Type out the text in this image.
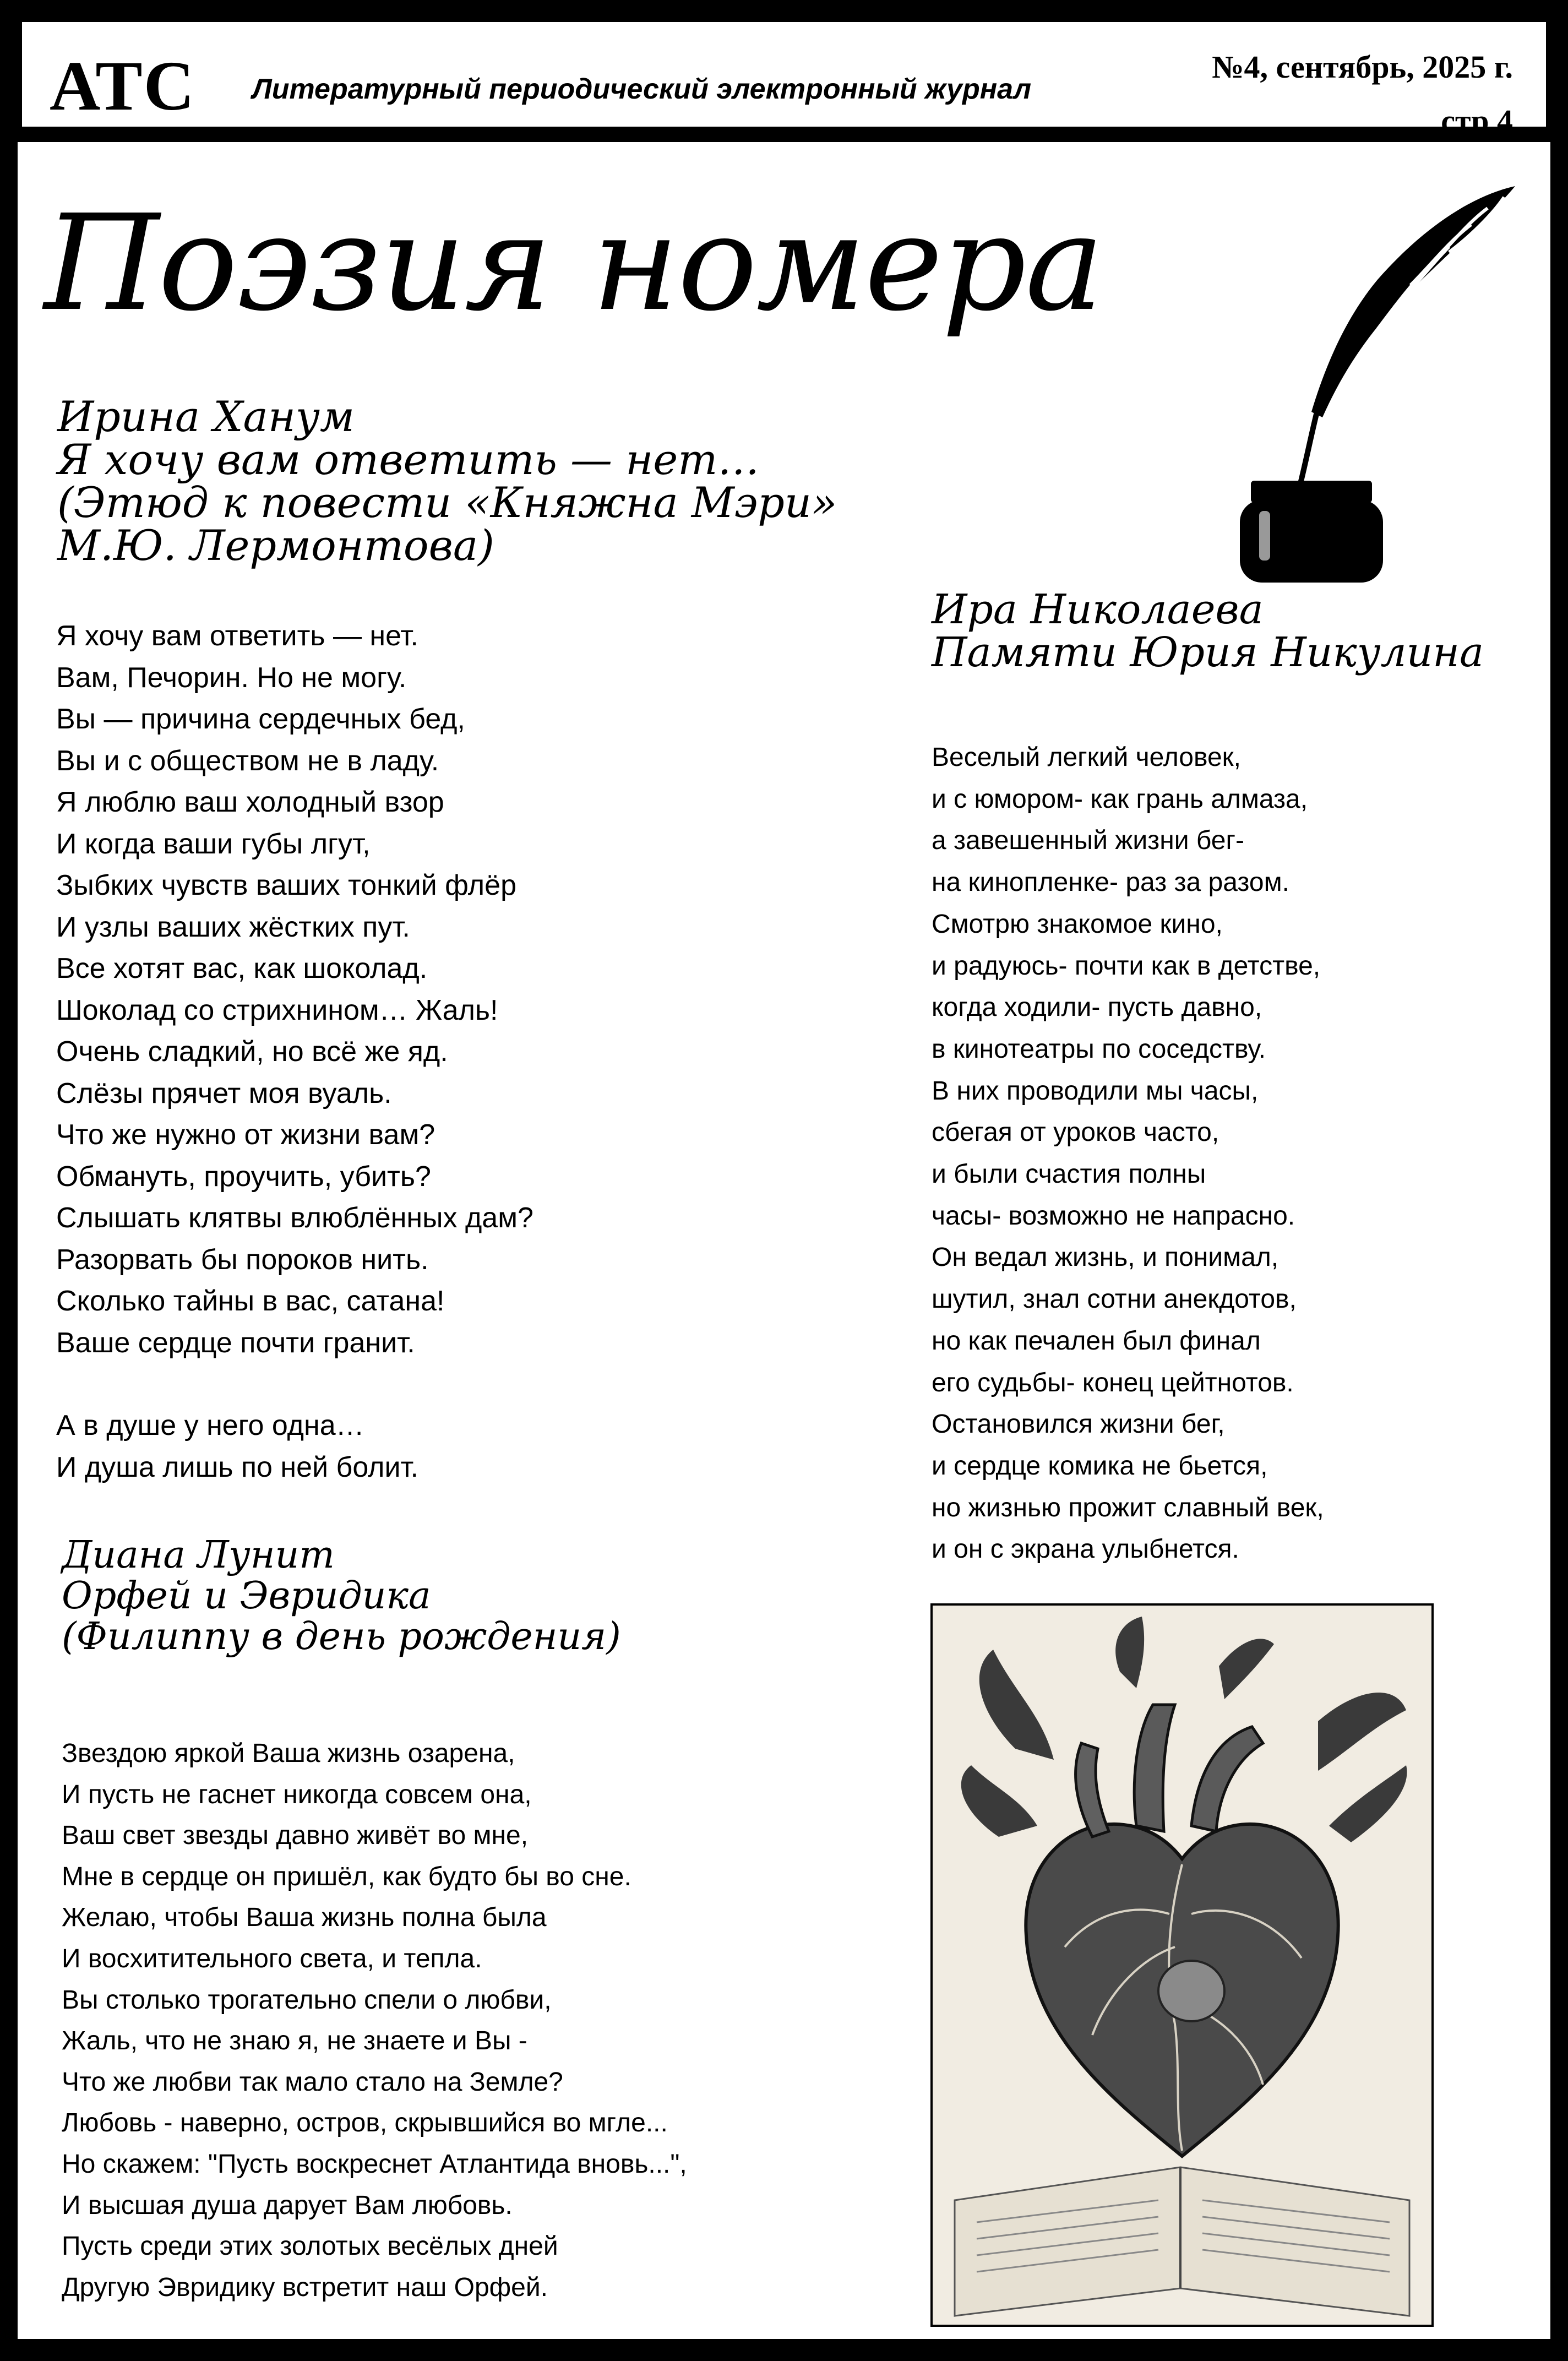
АТС Литературный периодический электронный журнал
№4, сентябрь, 2025 г.
стр.4
Поэзия номера
Ирина Ханум
Я хочу вам ответить — нет…
(Этюд к повести «Княжна Мэри»
М.Ю. Лермонтова)
Я хочу вам ответить — нет.
Вам, Печорин. Но не могу.
Вы — причина сердечных бед,
Вы и с обществом не в ладу.
Я люблю ваш холодный взор
И когда ваши губы лгут,
Зыбких чувств ваших тонкий флёр
И узлы ваших жёстких пут.
Все хотят вас, как шоколад.
Шоколад со стрихнином… Жаль!
Очень сладкий, но всё же яд.
Слёзы прячет моя вуаль.
Что же нужно от жизни вам?
Обмануть, проучить, убить?
Слышать клятвы влюблённых дам?
Разорвать бы пороков нить.
Сколько тайны в вас, сатана!
Ваше сердце почти гранит.
А в душе у него одна…
И душа лишь по ней болит.
Ира Николаева
Памяти Юрия Никулина
Веселый легкий человек,
и с юмором- как грань алмаза,
а завешенный жизни бег-
на кинопленке- раз за разом.
Смотрю знакомое кино,
и радуюсь- почти как в детстве,
когда ходили- пусть давно,
в кинотеатры по соседству.
В них проводили мы часы,
сбегая от уроков часто,
и были счастия полны
часы- возможно не напрасно.
Он ведал жизнь, и понимал,
шутил, знал сотни анекдотов,
но как печален был финал
его судьбы- конец цейтнотов.
Остановился жизни бег,
и сердце комика не бьется,
но жизнью прожит славный век,
и он с экрана улыбнется.
Диана Лунит
Орфей и Эвридика
(Филиппу в день рождения)
Звездою яркой Ваша жизнь озарена,
И пусть не гаснет никогда совсем она,
Ваш свет звезды давно живёт во мне,
Мне в сердце он пришёл, как будто бы во сне.
Желаю, чтобы Ваша жизнь полна была
И восхитительного света, и тепла.
Вы столько трогательно спели о любви,
Жаль, что не знаю я, не знаете и Вы -
Что же любви так мало стало на Земле?
Любовь - наверно, остров, скрывшийся во мгле...
Но скажем: "Пусть воскреснет Атлантида вновь...",
И высшая душа дарует Вам любовь.
Пусть среди этих золотых весёлых дней
Другую Эвридику встретит наш Орфей.
